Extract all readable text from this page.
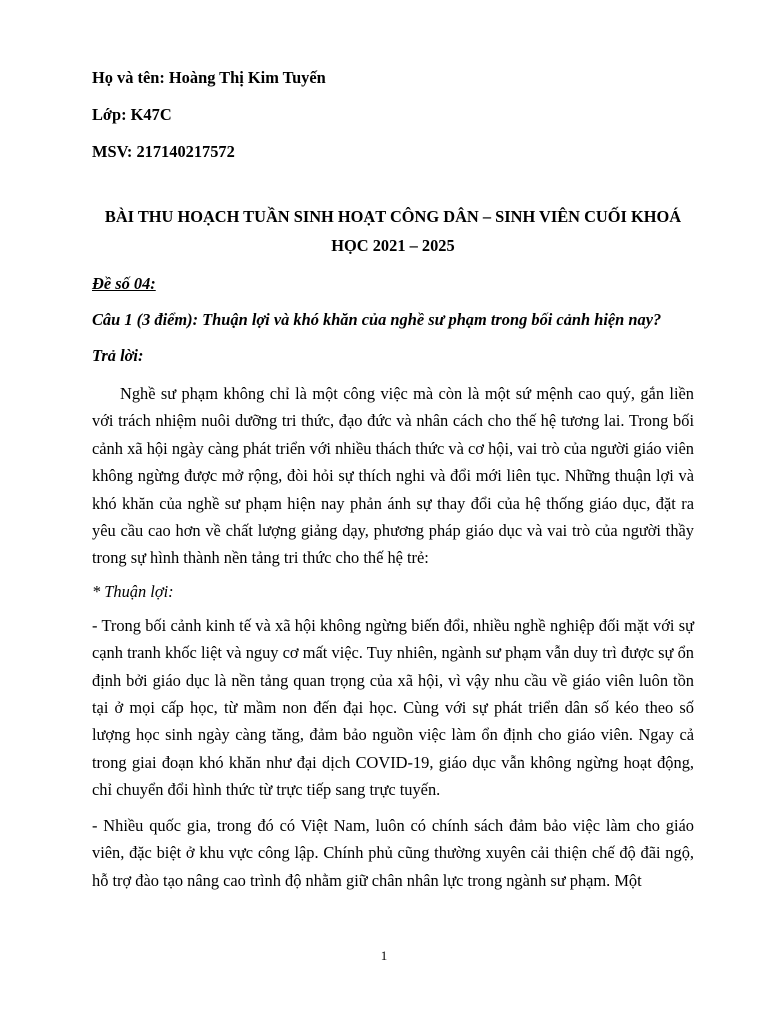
Họ và tên: Hoàng Thị Kim Tuyến

Lớp: K47C

MSV: 217140217572

BÀI THU HOẠCH TUẦN SINH HOẠT CÔNG DÂN – SINH VIÊN CUỐI KHOÁ HỌC 2021 – 2025

Đề số 04:

Câu 1 (3 điểm): Thuận lợi và khó khăn của nghề sư phạm trong bối cảnh hiện nay?

Trả lời:

Nghề sư phạm không chỉ là một công việc mà còn là một sứ mệnh cao quý, gắn liền với trách nhiệm nuôi dưỡng tri thức, đạo đức và nhân cách cho thế hệ tương lai. Trong bối cảnh xã hội ngày càng phát triển với nhiều thách thức và cơ hội, vai trò của người giáo viên không ngừng được mở rộng, đòi hỏi sự thích nghi và đổi mới liên tục. Những thuận lợi và khó khăn của nghề sư phạm hiện nay phản ánh sự thay đổi của hệ thống giáo dục, đặt ra yêu cầu cao hơn về chất lượng giảng dạy, phương pháp giáo dục và vai trò của người thầy trong sự hình thành nền tảng tri thức cho thế hệ trẻ:

* Thuận lợi:

- Trong bối cảnh kinh tế và xã hội không ngừng biến đổi, nhiều nghề nghiệp đối mặt với sự cạnh tranh khốc liệt và nguy cơ mất việc. Tuy nhiên, ngành sư phạm vẫn duy trì được sự ổn định bởi giáo dục là nền tảng quan trọng của xã hội, vì vậy nhu cầu về giáo viên luôn tồn tại ở mọi cấp học, từ mầm non đến đại học. Cùng với sự phát triển dân số kéo theo số lượng học sinh ngày càng tăng, đảm bảo nguồn việc làm ổn định cho giáo viên. Ngay cả trong giai đoạn khó khăn như đại dịch COVID-19, giáo dục vẫn không ngừng hoạt động, chỉ chuyển đổi hình thức từ trực tiếp sang trực tuyến.

- Nhiều quốc gia, trong đó có Việt Nam, luôn có chính sách đảm bảo việc làm cho giáo viên, đặc biệt ở khu vực công lập. Chính phủ cũng thường xuyên cải thiện chế độ đãi ngộ, hỗ trợ đào tạo nâng cao trình độ nhằm giữ chân nhân lực trong ngành sư phạm. Một

1
